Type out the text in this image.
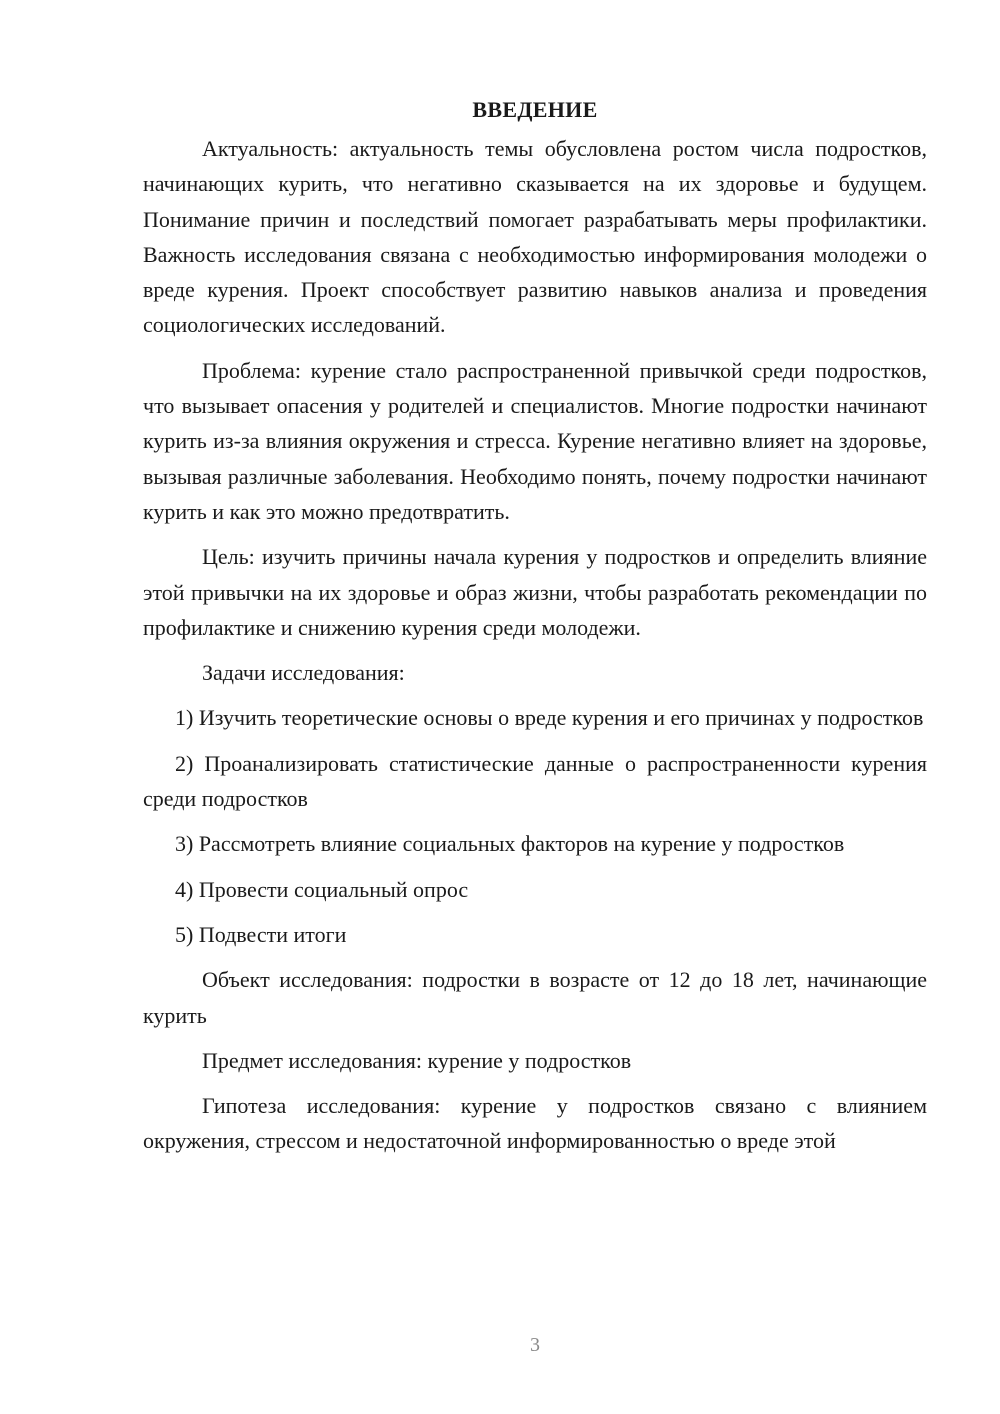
ВВЕДЕНИЕ
Актуальность: актуальность темы обусловлена ростом числа подростков, начинающих курить, что негативно сказывается на их здоровье и будущем. Понимание причин и последствий помогает разрабатывать меры профилактики. Важность исследования связана с необходимостью информирования молодежи о вреде курения. Проект способствует развитию навыков анализа и проведения социологических исследований.
Проблема: курение стало распространенной привычкой среди подростков, что вызывает опасения у родителей и специалистов. Многие подростки начинают курить из-за влияния окружения и стресса. Курение негативно влияет на здоровье, вызывая различные заболевания. Необходимо понять, почему подростки начинают курить и как это можно предотвратить.
Цель: изучить причины начала курения у подростков и определить влияние этой привычки на их здоровье и образ жизни, чтобы разработать рекомендации по профилактике и снижению курения среди молодежи.
Задачи исследования:
1) Изучить теоретические основы о вреде курения и его причинах у подростков
2) Проанализировать статистические данные о распространенности курения среди подростков
3) Рассмотреть влияние социальных факторов на курение у подростков
4) Провести социальный опрос
5) Подвести итоги
Объект исследования: подростки в возрасте от 12 до 18 лет, начинающие курить
Предмет исследования: курение у подростков
Гипотеза исследования: курение у подростков связано с влиянием окружения, стрессом и недостаточной информированностью о вреде этой
3
